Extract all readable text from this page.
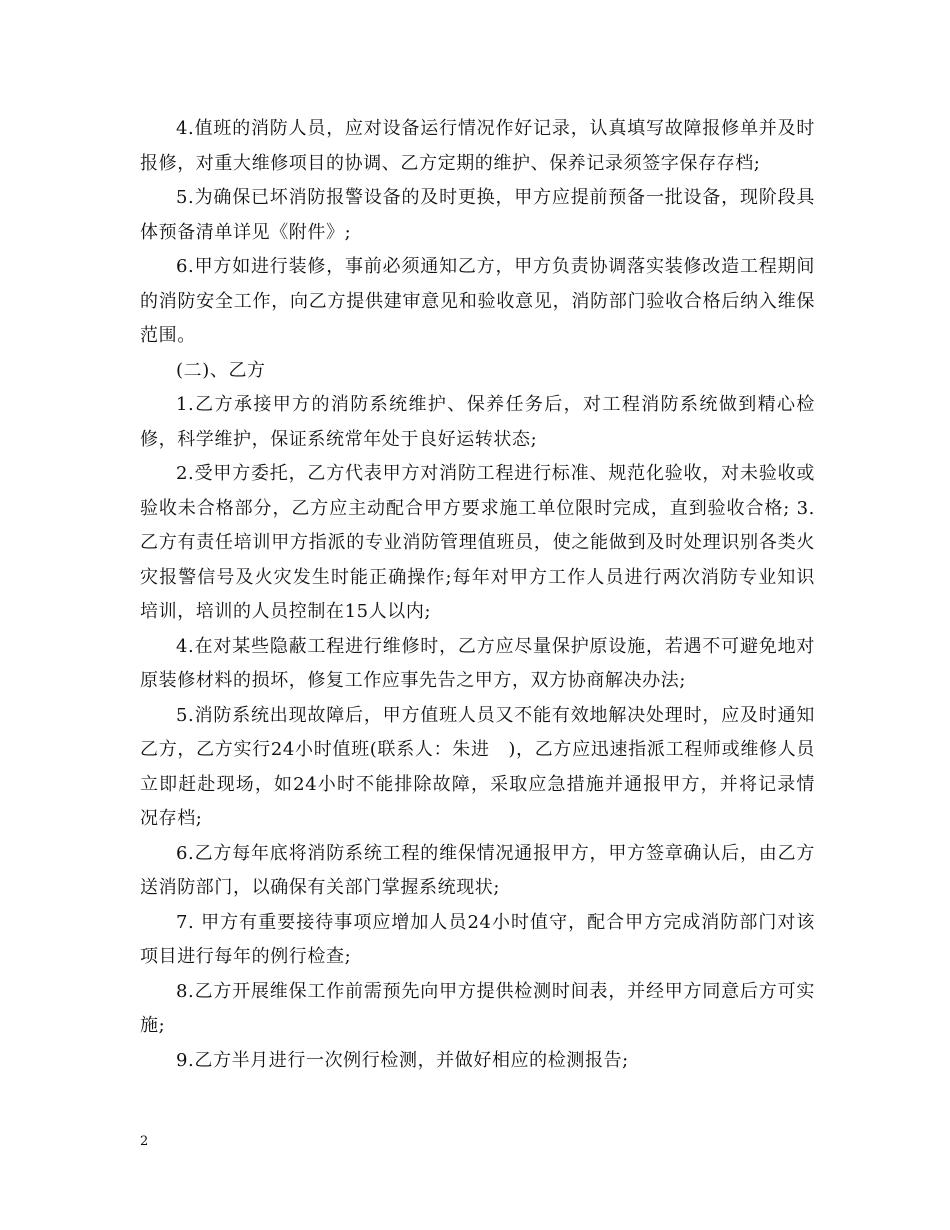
4.值班的消防人员，应对设备运行情况作好记录，认真填写故障报修单并及时报修，对重大维修项目的协调、乙方定期的维护、保养记录须签字保存存档;

5.为确保已坏消防报警设备的及时更换，甲方应提前预备一批设备，现阶段具体预备清单详见《附件》;

6.甲方如进行装修，事前必须通知乙方，甲方负责协调落实装修改造工程期间的消防安全工作，向乙方提供建审意见和验收意见，消防部门验收合格后纳入维保范围。

(二)、乙方

1.乙方承接甲方的消防系统维护、保养任务后，对工程消防系统做到精心检修，科学维护，保证系统常年处于良好运转状态;

2.受甲方委托，乙方代表甲方对消防工程进行标准、规范化验收，对未验收或验收未合格部分，乙方应主动配合甲方要求施工单位限时完成，直到验收合格; 3.乙方有责任培训甲方指派的专业消防管理值班员，使之能做到及时处理识别各类火灾报警信号及火灾发生时能正确操作;每年对甲方工作人员进行两次消防专业知识培训，培训的人员控制在15人以内;

4.在对某些隐蔽工程进行维修时，乙方应尽量保护原设施，若遇不可避免地对原装修材料的损坏，修复工作应事先告之甲方，双方协商解决办法;

5.消防系统出现故障后，甲方值班人员又不能有效地解决处理时，应及时通知乙方，乙方实行24小时值班(联系人：朱进　)，乙方应迅速指派工程师或维修人员立即赶赴现场，如24小时不能排除故障，采取应急措施并通报甲方，并将记录情况存档;

6.乙方每年底将消防系统工程的维保情况通报甲方，甲方签章确认后，由乙方送消防部门，以确保有关部门掌握系统现状;

7. 甲方有重要接待事项应增加人员24小时值守，配合甲方完成消防部门对该项目进行每年的例行检查;

8.乙方开展维保工作前需预先向甲方提供检测时间表，并经甲方同意后方可实施;

9.乙方半月进行一次例行检测，并做好相应的检测报告;

2
